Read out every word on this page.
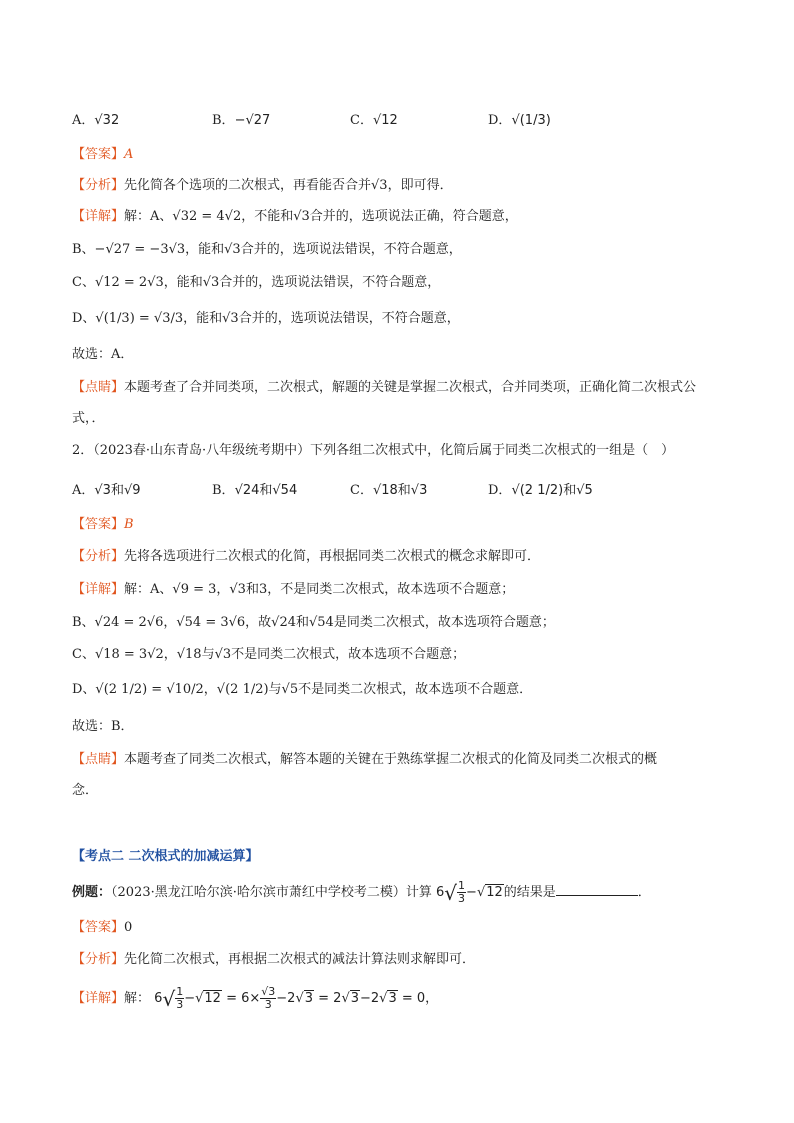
A．√32	B．−√27	C．√12	D．√(1/3)
【答案】A
【分析】先化简各个选项的二次根式，再看能否合并√3，即可得．
【详解】解：A、√32 = 4√2，不能和√3合并的，选项说法正确，符合题意，
B、−√27 = −3√3，能和√3合并的，选项说法错误，不符合题意，
C、√12 = 2√3，能和√3合并的，选项说法错误，不符合题意，
D、√(1/3) = √3/3，能和√3合并的，选项说法错误，不符合题意，
故选：A．
【点睛】本题考查了合并同类项，二次根式，解题的关键是掌握二次根式，合并同类项，正确化简二次根式公
式，．
2．（2023春·山东青岛·八年级统考期中）下列各组二次根式中，化简后属于同类二次根式的一组是（　）
A．√3和√9	B．√24和√54	C．√18和√3	D．√(2 1/2)和√5
【答案】B
【分析】先将各选项进行二次根式的化简，再根据同类二次根式的概念求解即可．
【详解】解：A、√9 = 3，√3和3，不是同类二次根式，故本选项不合题意；
B、√24 = 2√6，√54 = 3√6，故√24和√54是同类二次根式，故本选项符合题意；
C、√18 = 3√2，√18与√3不是同类二次根式，故本选项不合题意；
D、√(2 1/2) = √10/2，√(2 1/2)与√5不是同类二次根式，故本选项不合题意．
故选：B．
【点睛】本题考查了同类二次根式，解答本题的关键在于熟练掌握二次根式的化简及同类二次根式的概
念．
【考点二 二次根式的加减运算】
例题：（2023·黑龙江哈尔滨·哈尔滨市萧红中学校考二模）计算 6 √ $\frac{1}{3} -√12$的结果是	．
【答案】0
【分析】先化简二次根式，再根据二次根式的减法计算法则求解即可．
【详解】解： 6 √ $\frac{1}{3} -√12 = 6\times \frac{√3}{3} -2√3 = 2√3-2√3 = 0$，
